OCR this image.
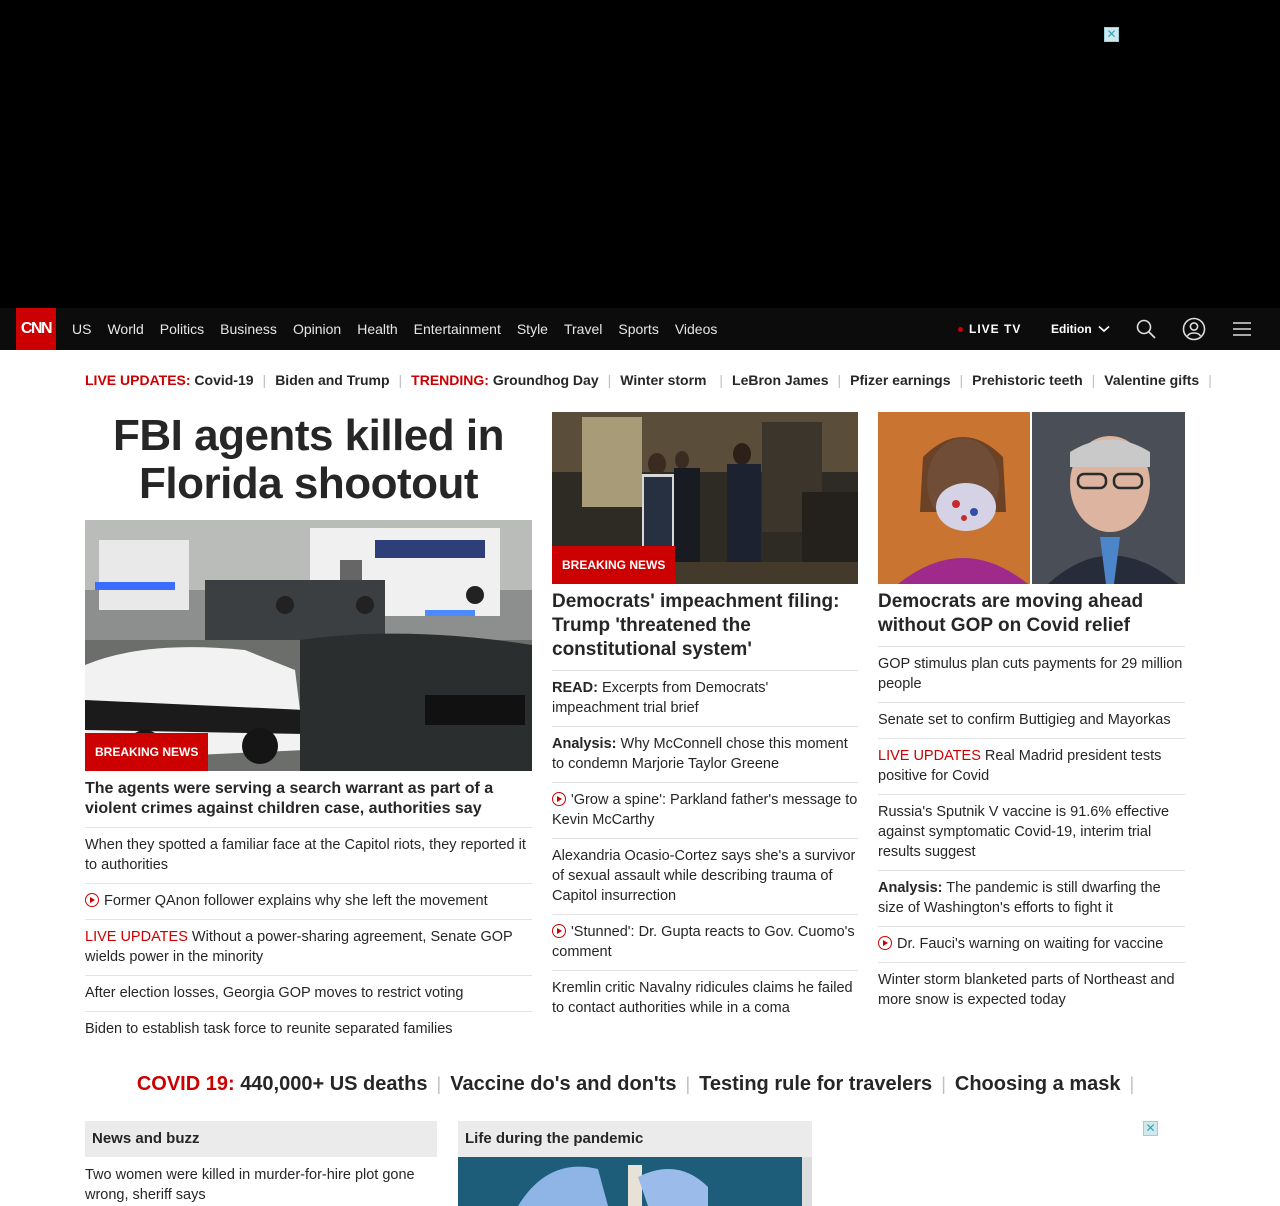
✕
CNN	US World Politics Business Opinion Health Entertainment Style Travel Sports Videos	LIVE TV Edition
LIVE UPDATES:
Covid-19 | Biden and Trump | TRENDING:
Groundhog Day | Winter storm | LeBron James | Pfizer earnings | Prehistoric teeth | Valentine gifts |
FBI agents killed in Florida shootout
BREAKING NEWS
The agents were serving a search warrant as part of a violent crimes against children case, authorities say
When they spotted a familiar face at the Capitol riots, they reported it to authorities
Former QAnon follower explains why she left the movement
LIVE UPDATES Without a power-sharing agreement, Senate GOP wields power in the minority
After election losses, Georgia GOP moves to restrict voting
Biden to establish task force to reunite separated families
BREAKING NEWS
Democrats' impeachment filing: Trump 'threatened the constitutional system'
READ: Excerpts from Democrats' impeachment trial brief
Analysis: Why McConnell chose this moment to condemn Marjorie Taylor Greene
'Grow a spine': Parkland father's message to Kevin McCarthy
Alexandria Ocasio-Cortez says she's a survivor of sexual assault while describing trauma of Capitol insurrection
'Stunned': Dr. Gupta reacts to Gov. Cuomo's comment
Kremlin critic Navalny ridicules claims he failed to contact authorities while in a coma
Democrats are moving ahead without GOP on Covid relief
GOP stimulus plan cuts payments for 29 million people
Senate set to confirm Buttigieg and Mayorkas
LIVE UPDATES Real Madrid president tests positive for Covid
Russia's Sputnik V vaccine is 91.6% effective against symptomatic Covid-19, interim trial results suggest
Analysis: The pandemic is still dwarfing the size of Washington's efforts to fight it
Dr. Fauci's warning on waiting for vaccine
Winter storm blanketed parts of Northeast and more snow is expected today
COVID 19: 440,000+ US deaths | Vaccine do's and don'ts | Testing rule for travelers | Choosing a mask |
News and buzz
Two women were killed in murder-for-hire plot gone wrong, sheriff says
Life during the pandemic
✕
